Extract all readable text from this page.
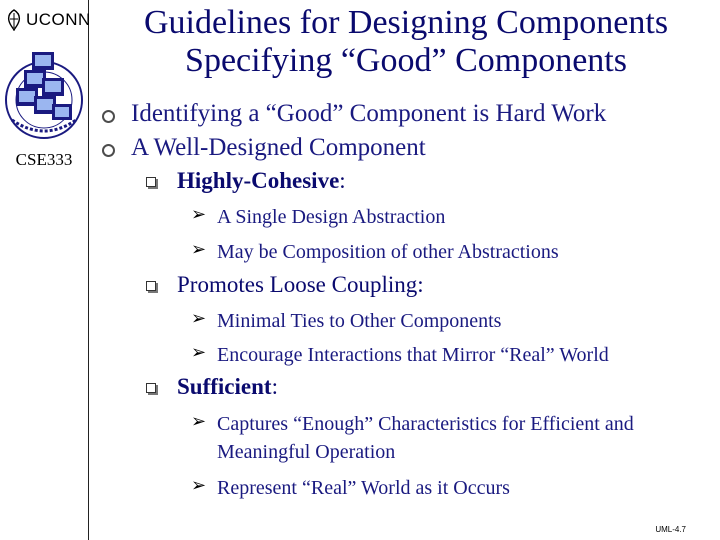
UCONN
CSE333
Guidelines for Designing Components
Specifying “Good” Components
Identifying a “Good” Component is Hard Work
A Well-Designed Component
Highly-Cohesive:
➢ A Single Design Abstraction
➢ May be Composition of other Abstractions
Promotes Loose Coupling:
➢ Minimal Ties to Other Components
➢ Encourage Interactions that Mirror “Real” World
Sufficient:
➢ Captures “Enough” Characteristics for Efficient and Meaningful Operation
➢ Represent “Real” World as it Occurs
UML-4.7
